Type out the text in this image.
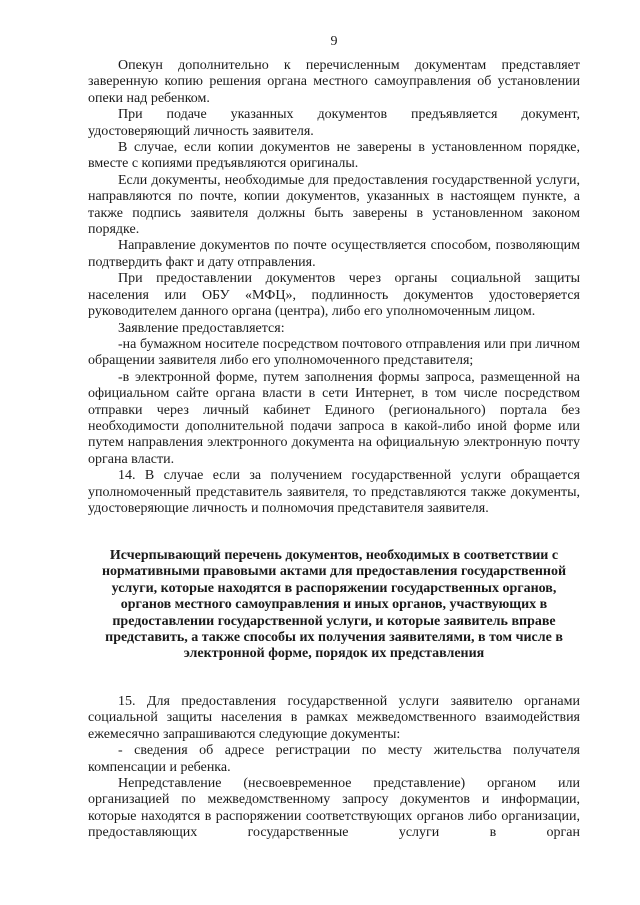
9

Опекун дополнительно к перечисленным документам представляет заверенную копию решения органа местного самоуправления об установлении опеки над ребенком.

При подаче указанных документов предъявляется документ, удостоверяющий личность заявителя.

В случае, если копии документов не заверены в установленном порядке, вместе с копиями предъявляются оригиналы.

Если документы, необходимые для предоставления государственной услуги, направляются по почте, копии документов, указанных в настоящем пункте, а также подпись заявителя должны быть заверены в установленном законом порядке.

Направление документов по почте осуществляется способом, позволяющим подтвердить факт и дату отправления.

При предоставлении документов через органы социальной защиты населения или ОБУ «МФЦ», подлинность документов удостоверяется руководителем данного органа (центра), либо его уполномоченным лицом.

Заявление предоставляется:

-на бумажном носителе посредством почтового отправления или при личном обращении заявителя либо его уполномоченного представителя;

-в электронной форме, путем заполнения формы запроса, размещенной на официальном сайте органа власти в сети Интернет, в том числе посредством отправки через личный кабинет Единого (регионального) портала без необходимости дополнительной подачи запроса в какой-либо иной форме или путем направления электронного документа на официальную электронную почту органа власти.

14. В случае если за получением государственной услуги обращается уполномоченный представитель заявителя, то представляются также документы, удостоверяющие личность и полномочия представителя заявителя.

Исчерпывающий перечень документов, необходимых в соответствии с нормативными правовыми актами для предоставления государственной услуги, которые находятся в распоряжении государственных органов, органов местного самоуправления и иных органов, участвующих в предоставлении государственной услуги, и которые заявитель вправе представить, а также способы их получения заявителями, в том числе в электронной форме, порядок их представления

15. Для предоставления государственной услуги заявителю органами социальной защиты населения в рамках межведомственного взаимодействия ежемесячно запрашиваются следующие документы:

- сведения об адресе регистрации по месту жительства получателя компенсации и ребенка.

Непредставление (несвоевременное представление) органом или организацией по межведомственному запросу документов и информации, которые находятся в распоряжении соответствующих органов либо организации, предоставляющих государственные услуги в орган
